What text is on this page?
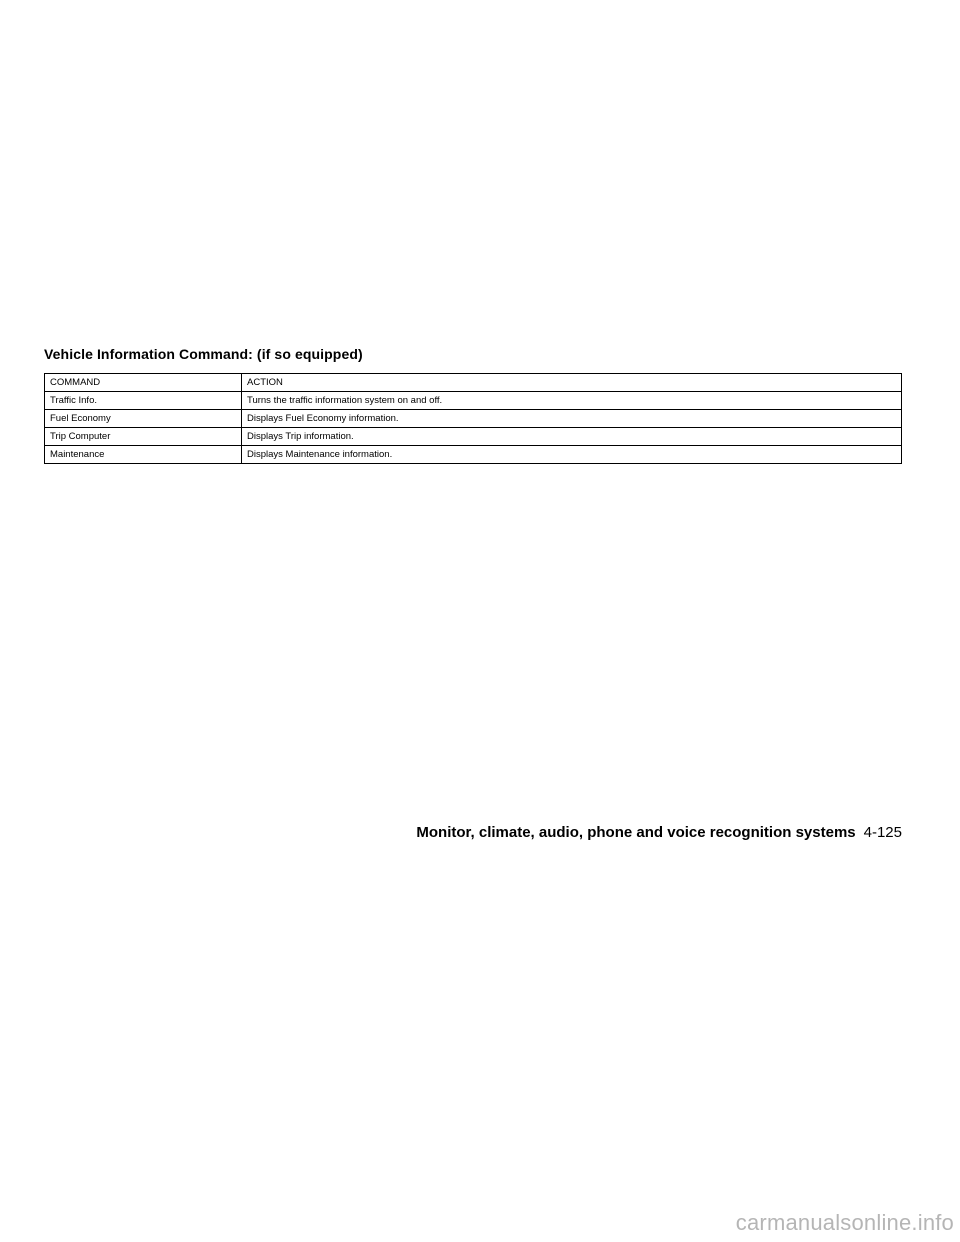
Vehicle Information Command: (if so equipped)
COMMAND	ACTION
Traffic Info.	Turns the traffic information system on and off.
Fuel Economy	Displays Fuel Economy information.
Trip Computer	Displays Trip information.
Maintenance	Displays Maintenance information.
Monitor, climate, audio, phone and voice recognition systems 4-125
carmanualsonline.info
